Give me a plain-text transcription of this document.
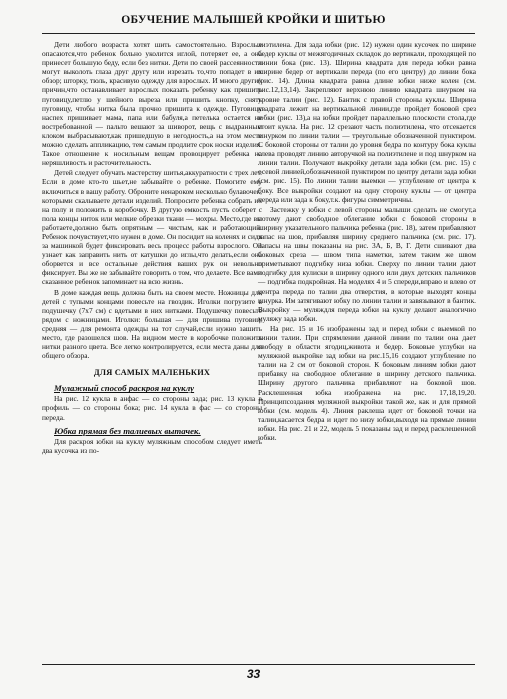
ОБУЧЕНИЕ МАЛЫШЕЙ КРОЙКИ И ШИТЬЮ

Дети любого возраста хотят шить самостоятельно. Взрослые опасаются,что ребенок больно уколится иглой, потеряет ее, а она принесет большую беду, если без нитки. Дети по своей рассеянности могут выколоть глаза друг другу или изрезать то,что попадет в их обзор; шторку, тюль, красивую одежду для взрослых. И много других причин,что останавливает взрослых показать ребенку как пришить пуговицу,петлю у шейного выреза или пришить кнопку, снять пуговицу, чтобы нитка была прочно пришита к одежде. Пуговицу наспех пришивает мама, папа или бабуля,а петелька остается не востребованной — пальто вешают за шиворот, вещь с выдранным клоком выбрасывают,как пришедшую в негодность,а на этом месте можно сделать аппликацию, тем самым продлите срок носки изделия. Такое отношение к носильным вещам провоцирует ребенка на неряшливость и расточительность.

Детей следует обучать мастерству шитья,аккуратности с трех лет. Если в доме кто-то шьет,не забывайте о ребенке. Помогите ему включиться в вашу работу. Оброните ненароком несколько булавочек, которыми скалываете детали изделий. Попросите ребенка собрать их на полу и положить в коробочку. В другую емкость пусть соберет с пола концы ниток или мелкие обрезки ткани — мохры. Место,где вы работаете,должно быть опрятным — чистым, как и работающий. Ребенок почувствует,что нужен в доме. Он посидит на коленях и сидя за машинкой будет фиксировать весь процесс работы взрослого. Он узнает как заправить нить от катушки до иглы,что делать,если она оборвется и все остальные действия ваших рук он невольно фиксирует. Вы же не забывайте говорить о том, что делаете. Все вами сказанное ребенок запоминает на всю жизнь.

В доме каждая вещь должна быть на своем месте. Ножницы для детей с тупыми концами повесьте на гвоздик. Иголки погрузите в подушечку (7х7 см) с вдетыми в них нитками. Подушечку повесьте рядом с ножницами. Иголки: большая — для пришива пуговиц, средняя — для ремонта одежды на тот случай,если нужно зашить место, где разошелся шов. На видном месте в коробочке положить нитки разного цвета. Все легко контролируется, если места даны для общего обзора.

ДЛЯ САМЫХ МАЛЕНЬКИХ
Мулажный способ раскроя на куклу

На рис. 12 кукла в анфас — со стороны зада; рис. 13 кукла в профиль — со стороны бока; рис. 14 кукла в фас — со стороны переда.

Юбка прямая без талиевых вытачек.

Для раскроя юбки на куклу муляжным способом следует иметь два кусочка из по-

лиэтилена. Для зада юбки (рис. 12) нужен один кусочек по ширине бедер куклы от межягодичных складок до вертикали, проходящей по линии бока (рис. 13). Ширина квадрата для переда юбки равна ширине бедер от вертикали переда (по его центру) до линии бока (рис. 14). Длина квадрата равна длине юбки ниже колен (см. рис.12,13,14). Закрепляют верхнюю линию квадрата шнурком на уровне талии (рис. 12). Бантик с правой стороны куклы. Ширина квадрата лежит на вертикальной линии,где пройдет боковой срез юбки (рис. 13),а на юбки пройдет параллельно плоскости стола,где стоит кукла. На рис. 12 срезают часть полиэтилена, что отсекается шнурком по линии талии — треугольные обозначенной пунктиром. С боковой стороны от талии до уровня бедра по контуру бока куклы слева проводят линию авторучкой на полиэтилене и под шнурком на линии талии. Получают выкройку детали зада юбки (см. рис. 15) с осевой линией,обозначенной пунктиром по центру детали зада юбки (см. рис. 15). По линии талии выемки — углубление от центра к боку. Все выкройки создают на одну сторону куклы — от центра переда или зада к боку,т.к. фигуры симметричны.

Застежку у юбки с левой стороны малыши сделать не смогут,а потому дают свободное облегание юбки с боковой стороны в ширину указательного пальчика ребенка (рис. 18), затем прибавляют запас на шов, прибавляя ширину среднего пальчика (см. рис. 17). Запасы на швы показаны на рис. 3А, Б, В, Г. Дети сшивают два боковых среза — швом типа наметки, затем таким же швом приметывают подгибку низа юбки. Сверху по линии талии дают подгибку для кулиски в ширину одного или двух детских пальчиков — подгибка подкройная. На моделях 4 и 5 спереди,вправо и влево от центра переда по талии два отверстия, в которые выходят концы шнурка. Им затягивают юбку по линии талии и завязывают в бантик. Выкройку — муляждля переда юбки на куклу делают аналогично муляжу зада юбки.

На рис. 15 и 16 изображены зад и перед юбки с выемкой по линии талии. При спрямлении данной линии по талии она дает свободу в области ягодиц,живота и бедер. Боковые углубки на муляжной выкройке зад юбки на рис.15,16 создают углубление по талии на 2 см от боковой сторон. К боковым линиям юбки дают прибавку на свободное облегание в ширину детского пальчика. Ширину другого пальчика прибавляют на боковой шов. Расклешенная юбка изображена на рис. 17,18,19,20. Принципсоздания муляжной выкройки такой же, как и для прямой юбки (см. модель 4). Линия раклеша идет от боковой точки на талии,касается бедра и идет по низу юбки,выходя на прямые линии юбки. На рис. 21 и 22, модель 5 показаны зад и перед расклешенной юбки.

33
